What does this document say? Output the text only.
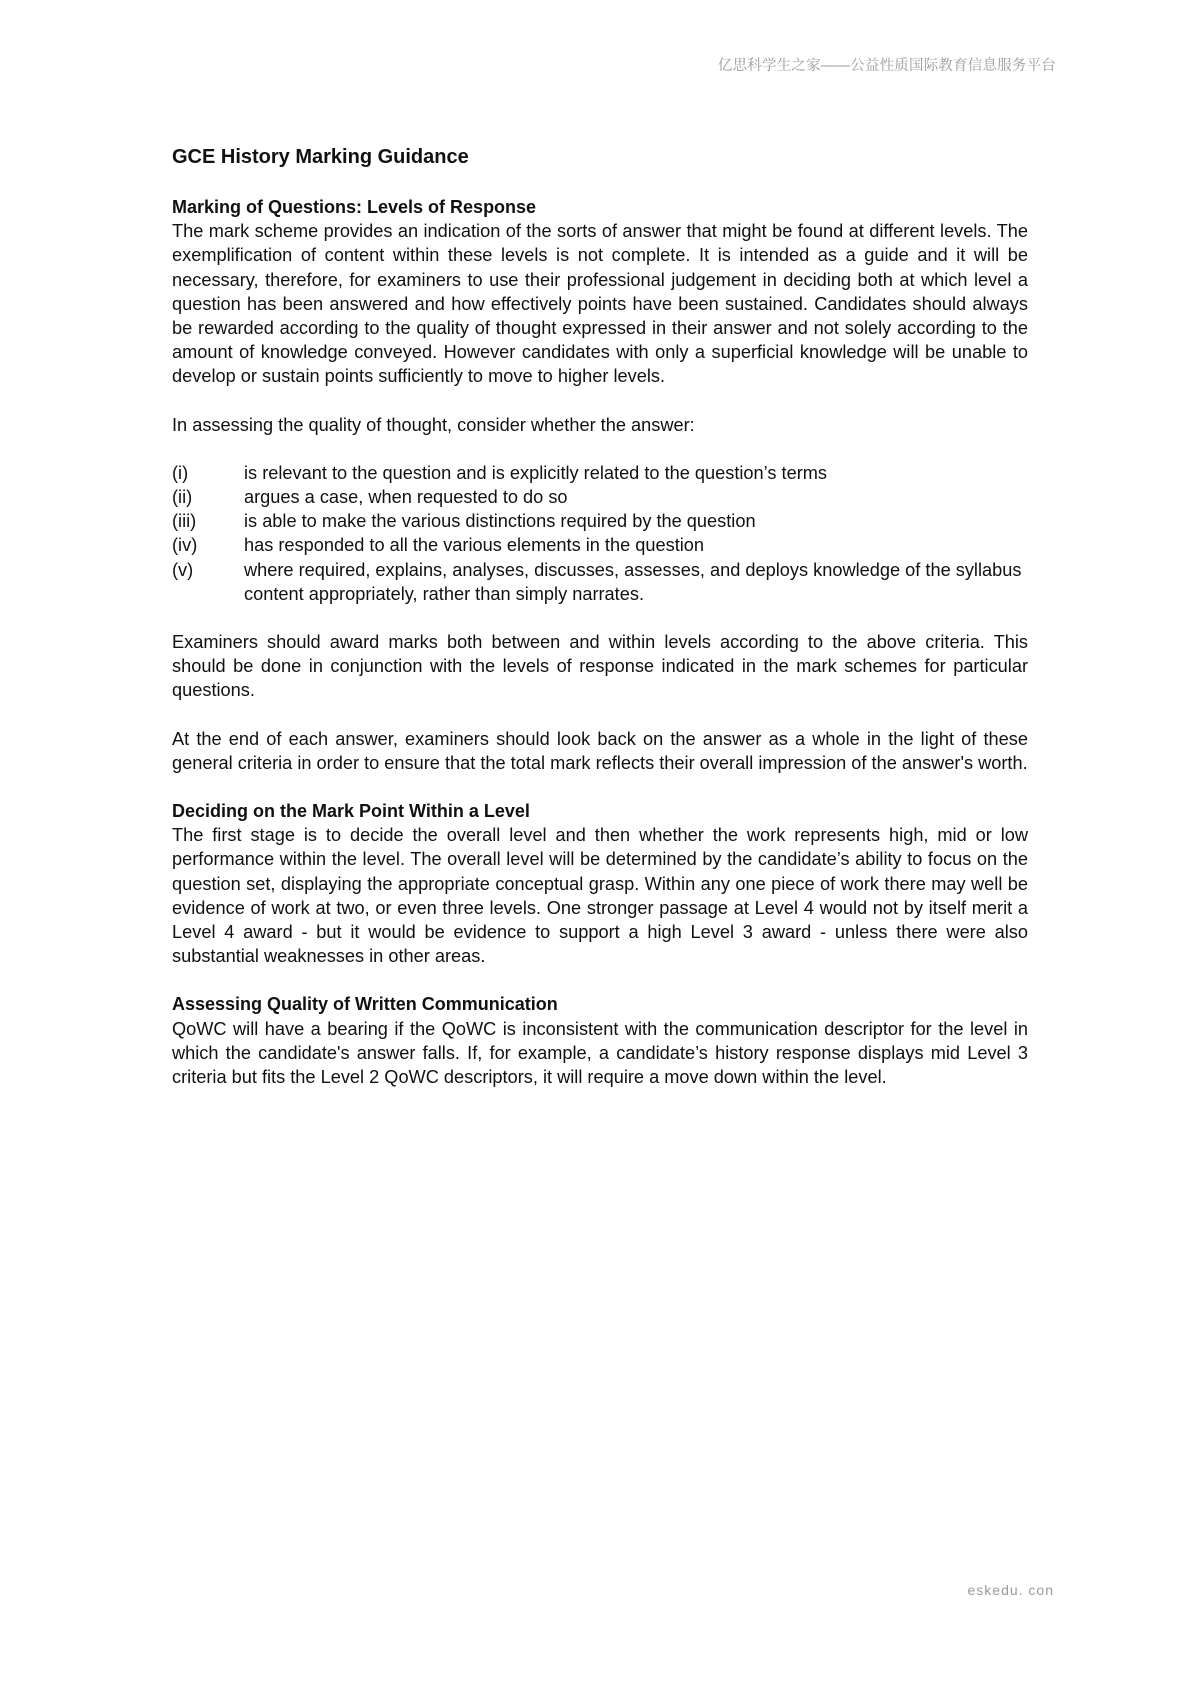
亿思科学生之家——公益性质国际教育信息服务平台
GCE History Marking Guidance
Marking of Questions: Levels of Response

The mark scheme provides an indication of the sorts of answer that might be found at different levels. The exemplification of content within these levels is not complete. It is intended as a guide and it will be necessary, therefore, for examiners to use their professional judgement in deciding both at which level a question has been answered and how effectively points have been sustained. Candidates should always be rewarded according to the quality of thought expressed in their answer and not solely according to the amount of knowledge conveyed. However candidates with only a superficial knowledge will be unable to develop or sustain points sufficiently to move to higher levels.

In assessing the quality of thought, consider whether the answer:

(i)	is relevant to the question and is explicitly related to the question’s terms
(ii)	argues a case, when requested to do so
(iii)	is able to make the various distinctions required by the question
(iv)	has responded to all the various elements in the question
(v)	where required, explains, analyses, discusses, assesses, and deploys knowledge of the syllabus content appropriately, rather than simply narrates.

Examiners should award marks both between and within levels according to the above criteria. This should be done in conjunction with the levels of response indicated in the mark schemes for particular questions.

At the end of each answer, examiners should look back on the answer as a whole in the light of these general criteria in order to ensure that the total mark reflects their overall impression of the answer's worth.

Deciding on the Mark Point Within a Level

The first stage is to decide the overall level and then whether the work represents high, mid or low performance within the level. The overall level will be determined by the candidate’s ability to focus on the question set, displaying the appropriate conceptual grasp. Within any one piece of work there may well be evidence of work at two, or even three levels. One stronger passage at Level 4 would not by itself merit a Level 4 award - but it would be evidence to support a high Level 3 award - unless there were also substantial weaknesses in other areas.

Assessing Quality of Written Communication

QoWC will have a bearing if the QoWC is inconsistent with the communication descriptor for the level in which the candidate's answer falls. If, for example, a candidate’s history response displays mid Level 3 criteria but fits the Level 2 QoWC descriptors, it will require a move down within the level.

eskedu. con
